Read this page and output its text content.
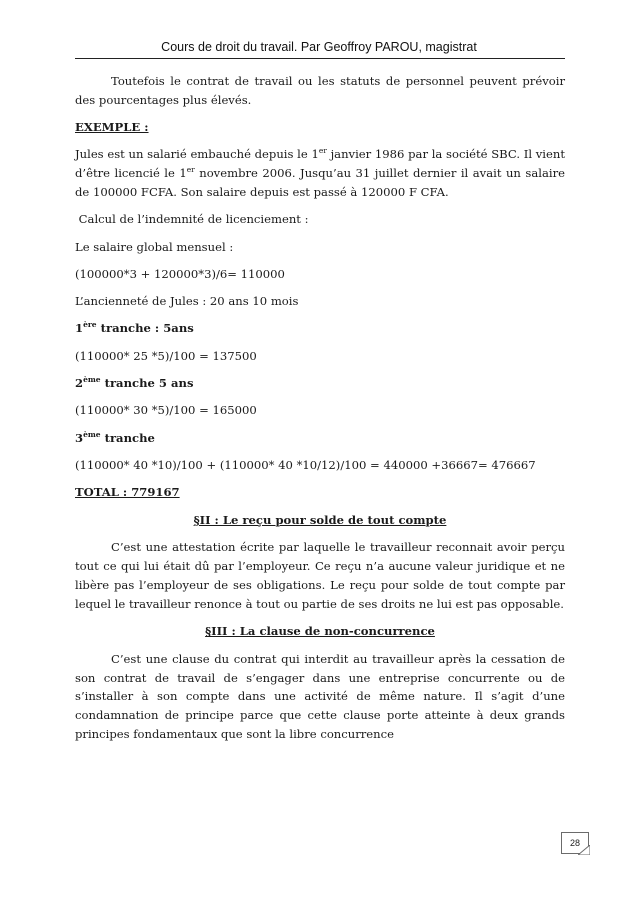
Cours de droit du travail. Par Geoffroy PAROU, magistrat

Toutefois le contrat de travail ou les statuts de personnel peuvent prévoir des pourcentages plus élevés.

EXEMPLE :

Jules est un salarié embauché depuis le 1er janvier 1986 par la société SBC. Il vient d’être licencié le 1er novembre 2006. Jusqu’au 31 juillet dernier il avait un salaire de 100000 FCFA. Son salaire depuis est passé à 120000 F CFA.

Calcul de l’indemnité de licenciement :

Le salaire global mensuel :

(100000*3 + 120000*3)/6= 110000

L’ancienneté de Jules : 20 ans 10 mois

1ère tranche : 5ans

(110000* 25 *5)/100 = 137500

2ème tranche 5 ans

(110000* 30 *5)/100 = 165000

3ème tranche

(110000* 40 *10)/100 + (110000* 40 *10/12)/100 = 440000 +36667= 476667

TOTAL : 779167

§II : Le reçu pour solde de tout compte

C’est une attestation écrite par laquelle le travailleur reconnait avoir perçu tout ce qui lui était dû par l’employeur. Ce reçu n’a aucune valeur juridique et ne libère pas l’employeur de ses obligations. Le reçu pour solde de tout compte par lequel le travailleur renonce à tout ou partie de ses droits ne lui est pas opposable.

§III : La clause de non-concurrence

C’est une clause du contrat qui interdit au travailleur après la cessation de son contrat de travail de s’engager dans une entreprise concurrente ou de s’installer à son compte dans une activité de même nature. Il s’agit d’une condamnation de principe parce que cette clause porte atteinte à deux grands principes fondamentaux que sont la libre concurrence

28
